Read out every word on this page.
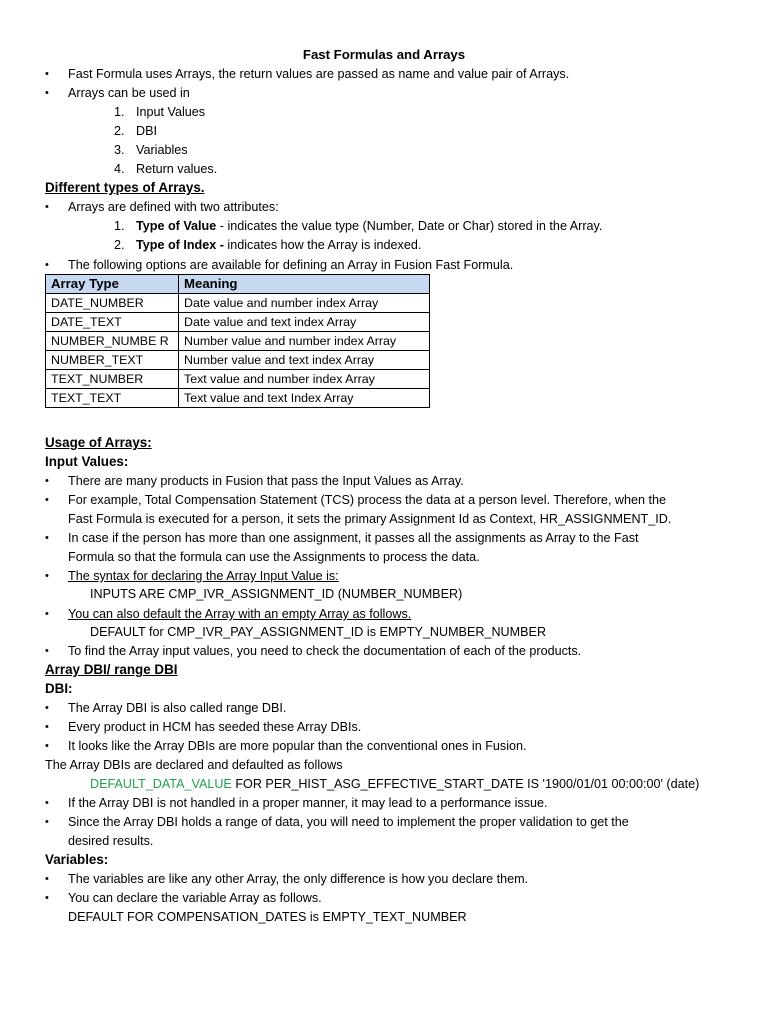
Fast Formulas and Arrays
• Fast Formula uses Arrays, the return values are passed as name and value pair of Arrays.
• Arrays can be used in
1. Input Values
2. DBI
3. Variables
4. Return values.
Different types of Arrays.
• Arrays are defined with two attributes:
1. Type of Value - indicates the value type (Number, Date or Char) stored in the Array.
2. Type of Index - indicates how the Array is indexed.
• The following options are available for defining an Array in Fusion Fast Formula.
Array Type	Meaning
DATE_NUMBER	Date value and number index Array
DATE_TEXT	Date value and text index Array
NUMBER_NUMBE R	Number value and number index Array
NUMBER_TEXT	Number value and text index Array
TEXT_NUMBER	Text value and number index Array
TEXT_TEXT	Text value and text Index Array
Usage of Arrays:
Input Values:
• There are many products in Fusion that pass the Input Values as Array.
• For example, Total Compensation Statement (TCS) process the data at a person level. Therefore, when the
Fast Formula is executed for a person, it sets the primary Assignment Id as Context, HR_ASSIGNMENT_ID.
• In case if the person has more than one assignment, it passes all the assignments as Array to the Fast
Formula so that the formula can use the Assignments to process the data.
• The syntax for declaring the Array Input Value is:
INPUTS ARE CMP_IVR_ASSIGNMENT_ID (NUMBER_NUMBER)
• You can also default the Array with an empty Array as follows.
DEFAULT for CMP_IVR_PAY_ASSIGNMENT_ID is EMPTY_NUMBER_NUMBER
• To find the Array input values, you need to check the documentation of each of the products.
Array DBI/ range DBI
DBI:
• The Array DBI is also called range DBI.
• Every product in HCM has seeded these Array DBIs.
• It looks like the Array DBIs are more popular than the conventional ones in Fusion.
The Array DBIs are declared and defaulted as follows
DEFAULT_DATA_VALUE FOR PER_HIST_ASG_EFFECTIVE_START_DATE IS '1900/01/01 00:00:00' (date)
• If the Array DBI is not handled in a proper manner, it may lead to a performance issue.
• Since the Array DBI holds a range of data, you will need to implement the proper validation to get the
desired results.
Variables:
• The variables are like any other Array, the only difference is how you declare them.
• You can declare the variable Array as follows.
DEFAULT FOR COMPENSATION_DATES is EMPTY_TEXT_NUMBER
